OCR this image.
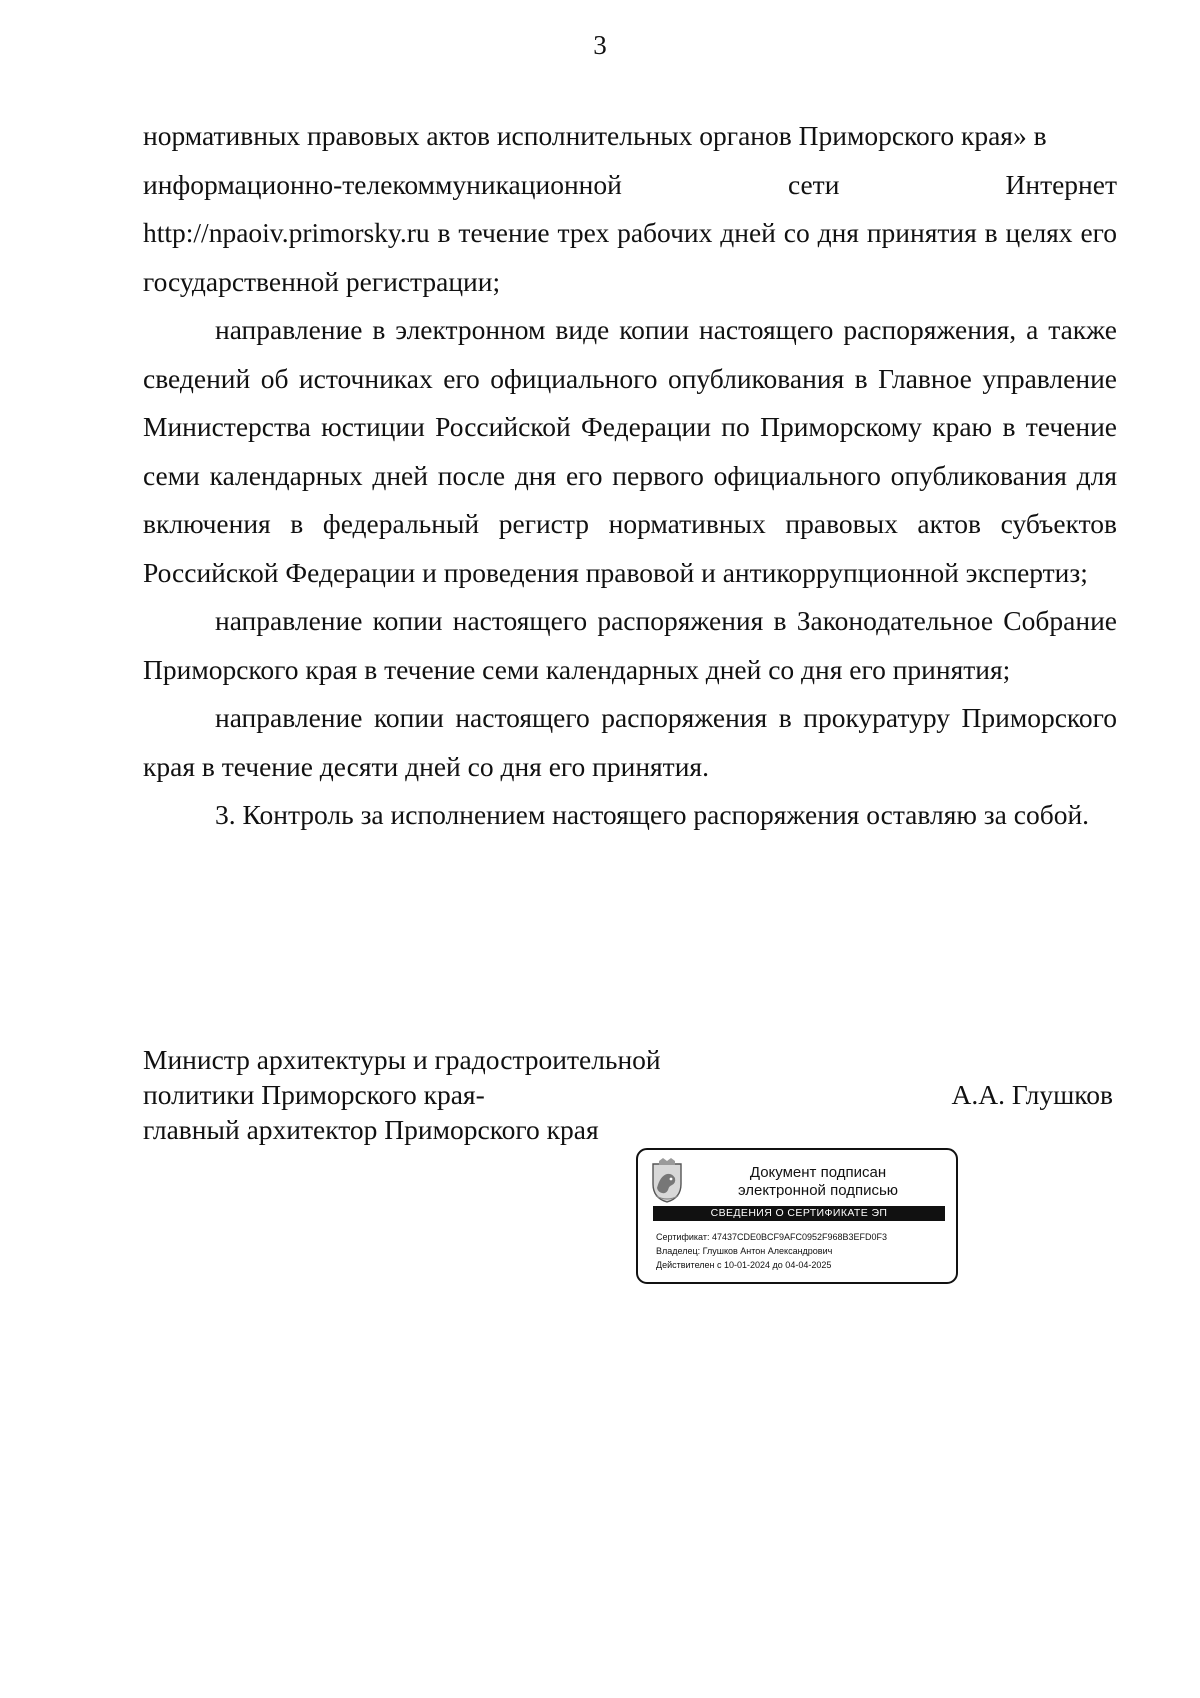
3

нормативных правовых актов исполнительных органов Приморского края» в

информационно-телекоммуникационной	сети	Интернет

http://npaoiv.primorsky.ru в течение трех рабочих дней со дня принятия в целях его государственной регистрации;

направление в электронном виде копии настоящего распоряжения, а также сведений об источниках его официального опубликования в Главное управление Министерства юстиции Российской Федерации по Приморскому краю в течение семи календарных дней после дня его первого официального опубликования для включения в федеральный регистр нормативных правовых актов субъектов Российской Федерации и проведения правовой и антикоррупционной экспертиз;

направление копии настоящего распоряжения в Законодательное Собрание Приморского края в течение семи календарных дней со дня его принятия;

направление копии настоящего распоряжения в прокуратуру Приморского края в течение десяти дней со дня его принятия.

3. Контроль за исполнением настоящего распоряжения оставляю за собой.

Министр архитектуры и градостроительной
политики Приморского края-
главный архитектор Приморского края
А.А. Глушков
Документ подписан
электронной подписью
СВЕДЕНИЯ О СЕРТИФИКАТЕ ЭП
Сертификат: 47437CDE0BCF9AFC0952F968B3EFD0F3
Владелец: Глушков Антон Александрович
Действителен с 10-01-2024 до 04-04-2025
